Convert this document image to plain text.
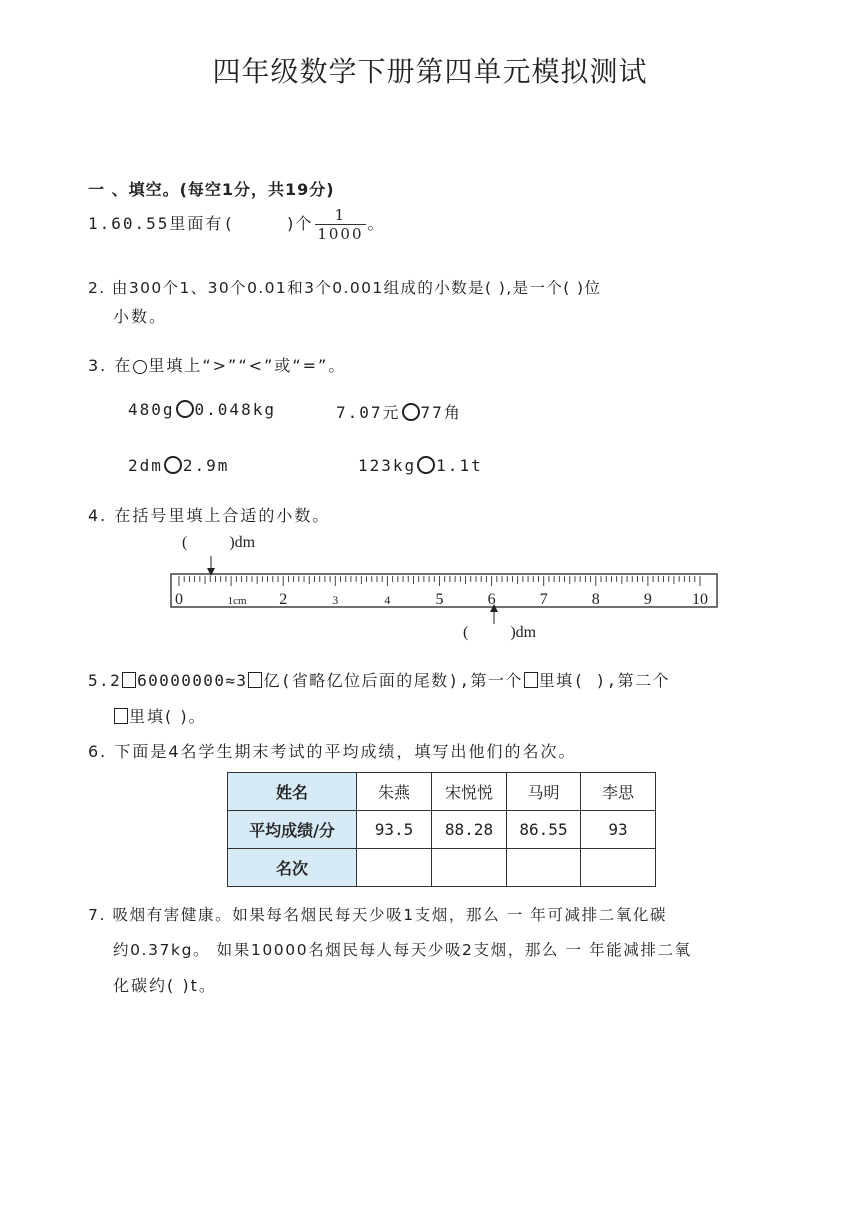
四年级数学下册第四单元模拟测试
一 、填空。(每空1分，共19分)
1.60.55里面有(	)个 $\frac{1}{1000}$ 。
2. 由300个1、30个0.01和3个0.001组成的小数是( ),是一个( )位
小数。
3. 在 里填上“>”“<”或“=”。
480g 0.048kg	7.07元 77角
2dm 2.9m	123kg 1.1t
4. 在括号里填上合适的小数。
(	)dm
(	)dm
0	1cm 2	3	4	5	6	7	8	9	10
5.2 60000000≈3 亿(省略亿位后面的尾数),第一个 里填( ),第二个
里填( )。
6. 下面是4名学生期末考试的平均成绩，填写出他们的名次。
姓名	朱燕	宋悦悦	马明	李思
平均成绩/分	93.5	88.28	86.55	93
名次				
7. 吸烟有害健康。如果每名烟民每天少吸1支烟，那么 一 年可减排二氧化碳
约0.37kg。 如果10000名烟民每人每天少吸2支烟，那么 一 年能减排二氧
化碳约( )t。
